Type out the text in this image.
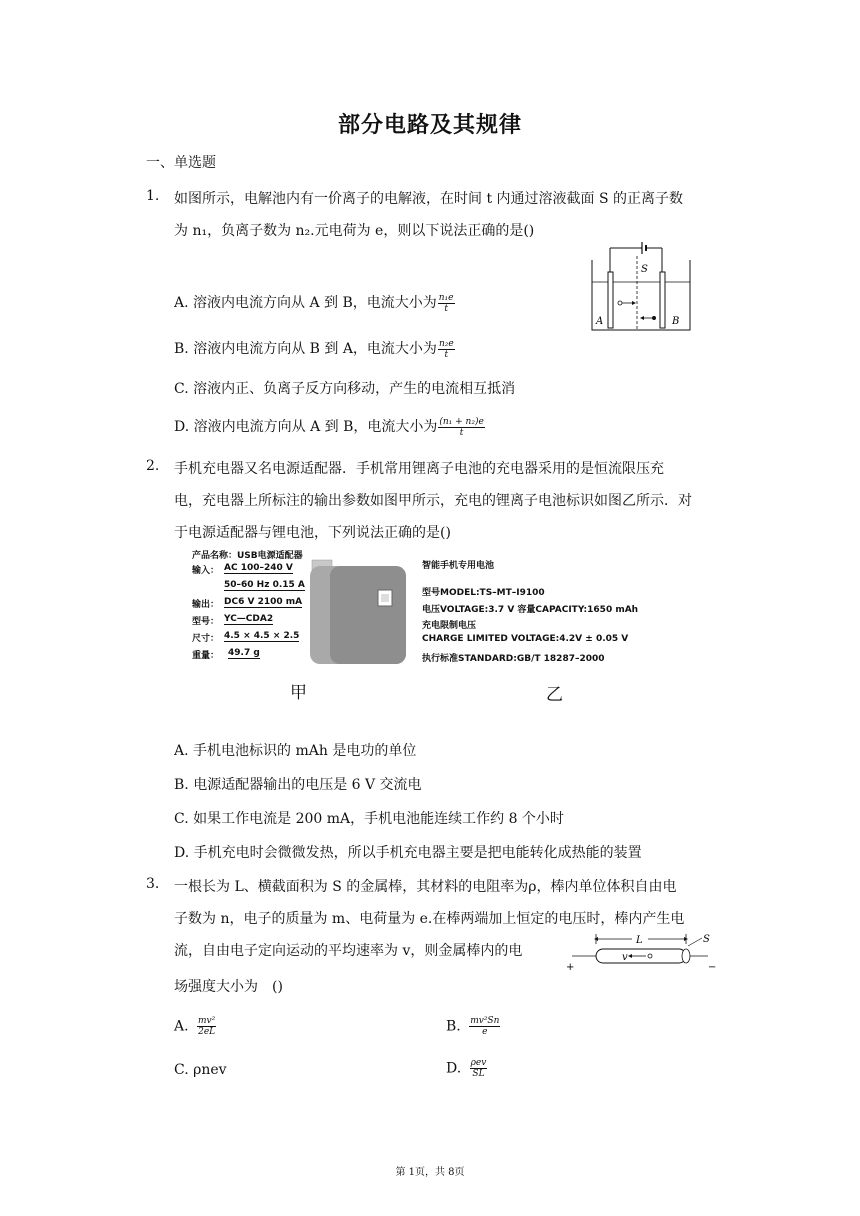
部分电路及其规律
一、单选题
1. 如图所示，电解池内有一价离子的电解液，在时间 t 内通过溶液截面 S 的正离子数
为 n₁，负离子数为 n₂.元电荷为 e，则以下说法正确的是()
S
A	B
A. 溶液内电流方向从 A 到 B，电流大小为 $\frac{\text{n₁e}}{t}$
B. 溶液内电流方向从 B 到 A，电流大小为 $\frac{\text{n₂e}}{t}$
C. 溶液内正、负离子反方向移动，产生的电流相互抵消
D. 溶液内电流方向从 A 到 B，电流大小为 $\frac{\text{(n₁ + n₂)e}}{t}$
2. 手机充电器又名电源适配器．手机常用锂离子电池的充电器采用的是恒流限压充
电，充电器上所标注的输出参数如图甲所示，充电的锂离子电池标识如图乙所示．对
于电源适配器与锂电池，下列说法正确的是()
产品名称：USB电源适配器
输入： AC 100–240 V
50–60 Hz 0.15 A
输出： DC6 V 2100 mA
型号： YC—CDA2
尺寸： 4.5 × 4.5 × 2.5
重量： 49.7 g
智能手机专用电池
型号MODEL:TS–MT–I9100
电压VOLTAGE:3.7 V 容量CAPACITY:1650 mAh
充电限制电压
CHARGE LIMITED VOLTAGE:4.2V ± 0.05 V
执行标准STANDARD:GB/T 18287–2000
甲	乙
A. 手机电池标识的 mAh 是电功的单位
B. 电源适配器输出的电压是 6 V 交流电
C. 如果工作电流是 200 mA，手机电池能连续工作约 8 个小时
D. 手机充电时会微微发热，所以手机充电器主要是把电能转化成热能的装置
3. 一根长为 L、横截面积为 S 的金属棒，其材料的电阻率为ρ，棒内单位体积自由电
子数为 n，电子的质量为 m、电荷量为 e.在棒两端加上恒定的电压时，棒内产生电
流，自由电子定向运动的平均速率为 v，则金属棒内的电
场强度大小为　()
L	S
v
+	−
A. $\frac{\text{mv²}}{2eL}$	B. $\frac{\text{mv²Sn}}{e}$
C. ρnev	D. $\frac{\text{ρev}}{SL}$
第 1页，共 8页
